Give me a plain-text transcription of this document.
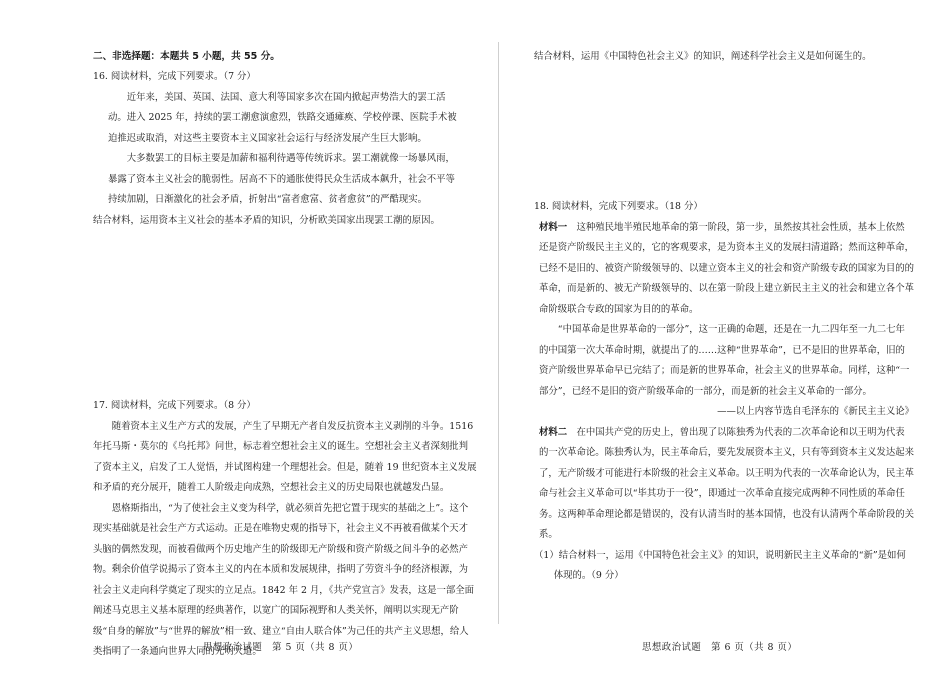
二、非选择题：本题共 5 小题，共 55 分。

16. 阅读材料，完成下列要求。（7 分）

近年来，美国、英国、法国、意大利等国家多次在国内掀起声势浩大的罢工活动。进入 2025 年，持续的罢工潮愈演愈烈，铁路交通瘫痪、学校停课、医院手术被迫推迟或取消，对这些主要资本主义国家社会运行与经济发展产生巨大影响。

大多数罢工的目标主要是加薪和福利待遇等传统诉求。罢工潮就像一场暴风雨，暴露了资本主义社会的脆弱性。居高不下的通胀使得民众生活成本飙升，社会不平等持续加剧，日渐激化的社会矛盾，折射出“富者愈富、贫者愈贫”的严酷现实。

结合材料，运用资本主义社会的基本矛盾的知识，分析欧美国家出现罢工潮的原因。

17. 阅读材料，完成下列要求。（8 分）

随着资本主义生产方式的发展，产生了早期无产者自发反抗资本主义剥削的斗争。1516 年托马斯・莫尔的《乌托邦》问世，标志着空想社会主义的诞生。空想社会主义者深刻批判了资本主义，启发了工人觉悟，并试图构建一个理想社会。但是，随着 19 世纪资本主义发展和矛盾的充分展开，随着工人阶级走向成熟，空想社会主义的历史局限也就越发凸显。

恩格斯指出，“为了使社会主义变为科学，就必须首先把它置于现实的基础之上”。这个现实基础就是社会生产方式运动。正是在唯物史观的指导下，社会主义不再被看做某个天才头脑的偶然发现，而被看做两个历史地产生的阶级即无产阶级和资产阶级之间斗争的必然产物。剩余价值学说揭示了资本主义的内在本质和发展规律，指明了劳资斗争的经济根源，为社会主义走向科学奠定了现实的立足点。1842 年 2 月，《共产党宣言》发表，这是一部全面阐述马克思主义基本原理的经典著作，以宽广的国际视野和人类关怀，阐明以实现无产阶级“自身的解放”与“世界的解放”相一致、建立“自由人联合体”为己任的共产主义思想，给人类指明了一条通向世界大同的光明大道。

思想政治试题　第 5 页（共 8 页）
结合材料，运用《中国特色社会主义》的知识，阐述科学社会主义是如何诞生的。

18. 阅读材料，完成下列要求。（18 分）

材料一　这种殖民地半殖民地革命的第一阶段，第一步，虽然按其社会性质，基本上依然还是资产阶级民主主义的，它的客观要求，是为资本主义的发展扫清道路；然而这种革命，已经不是旧的、被资产阶级领导的、以建立资本主义的社会和资产阶级专政的国家为目的的革命，而是新的、被无产阶级领导的、以在第一阶段上建立新民主主义的社会和建立各个革命阶级联合专政的国家为目的的革命。

“中国革命是世界革命的一部分”，这一正确的命题，还是在一九二四年至一九二七年的中国第一次大革命时期，就提出了的……这种“世界革命”，已不是旧的世界革命，旧的资产阶级世界革命早已完结了；而是新的世界革命，社会主义的世界革命。同样，这种“一部分”，已经不是旧的资产阶级革命的一部分，而是新的社会主义革命的一部分。

——以上内容节选自毛泽东的《新民主主义论》

材料二　在中国共产党的历史上，曾出现了以陈独秀为代表的二次革命论和以王明为代表的一次革命论。陈独秀认为，民主革命后，要先发展资本主义，只有等到资本主义发达起来了，无产阶级才可能进行本阶级的社会主义革命。以王明为代表的一次革命论认为，民主革命与社会主义革命可以“毕其功于一役”，即通过一次革命直接完成两种不同性质的革命任务。这两种革命理论都是错误的，没有认清当时的基本国情，也没有认清两个革命阶段的关系。

（1）结合材料一，运用《中国特色社会主义》的知识，说明新民主主义革命的“新”是如何体现的。（9 分）

思想政治试题　第 6 页（共 8 页）
